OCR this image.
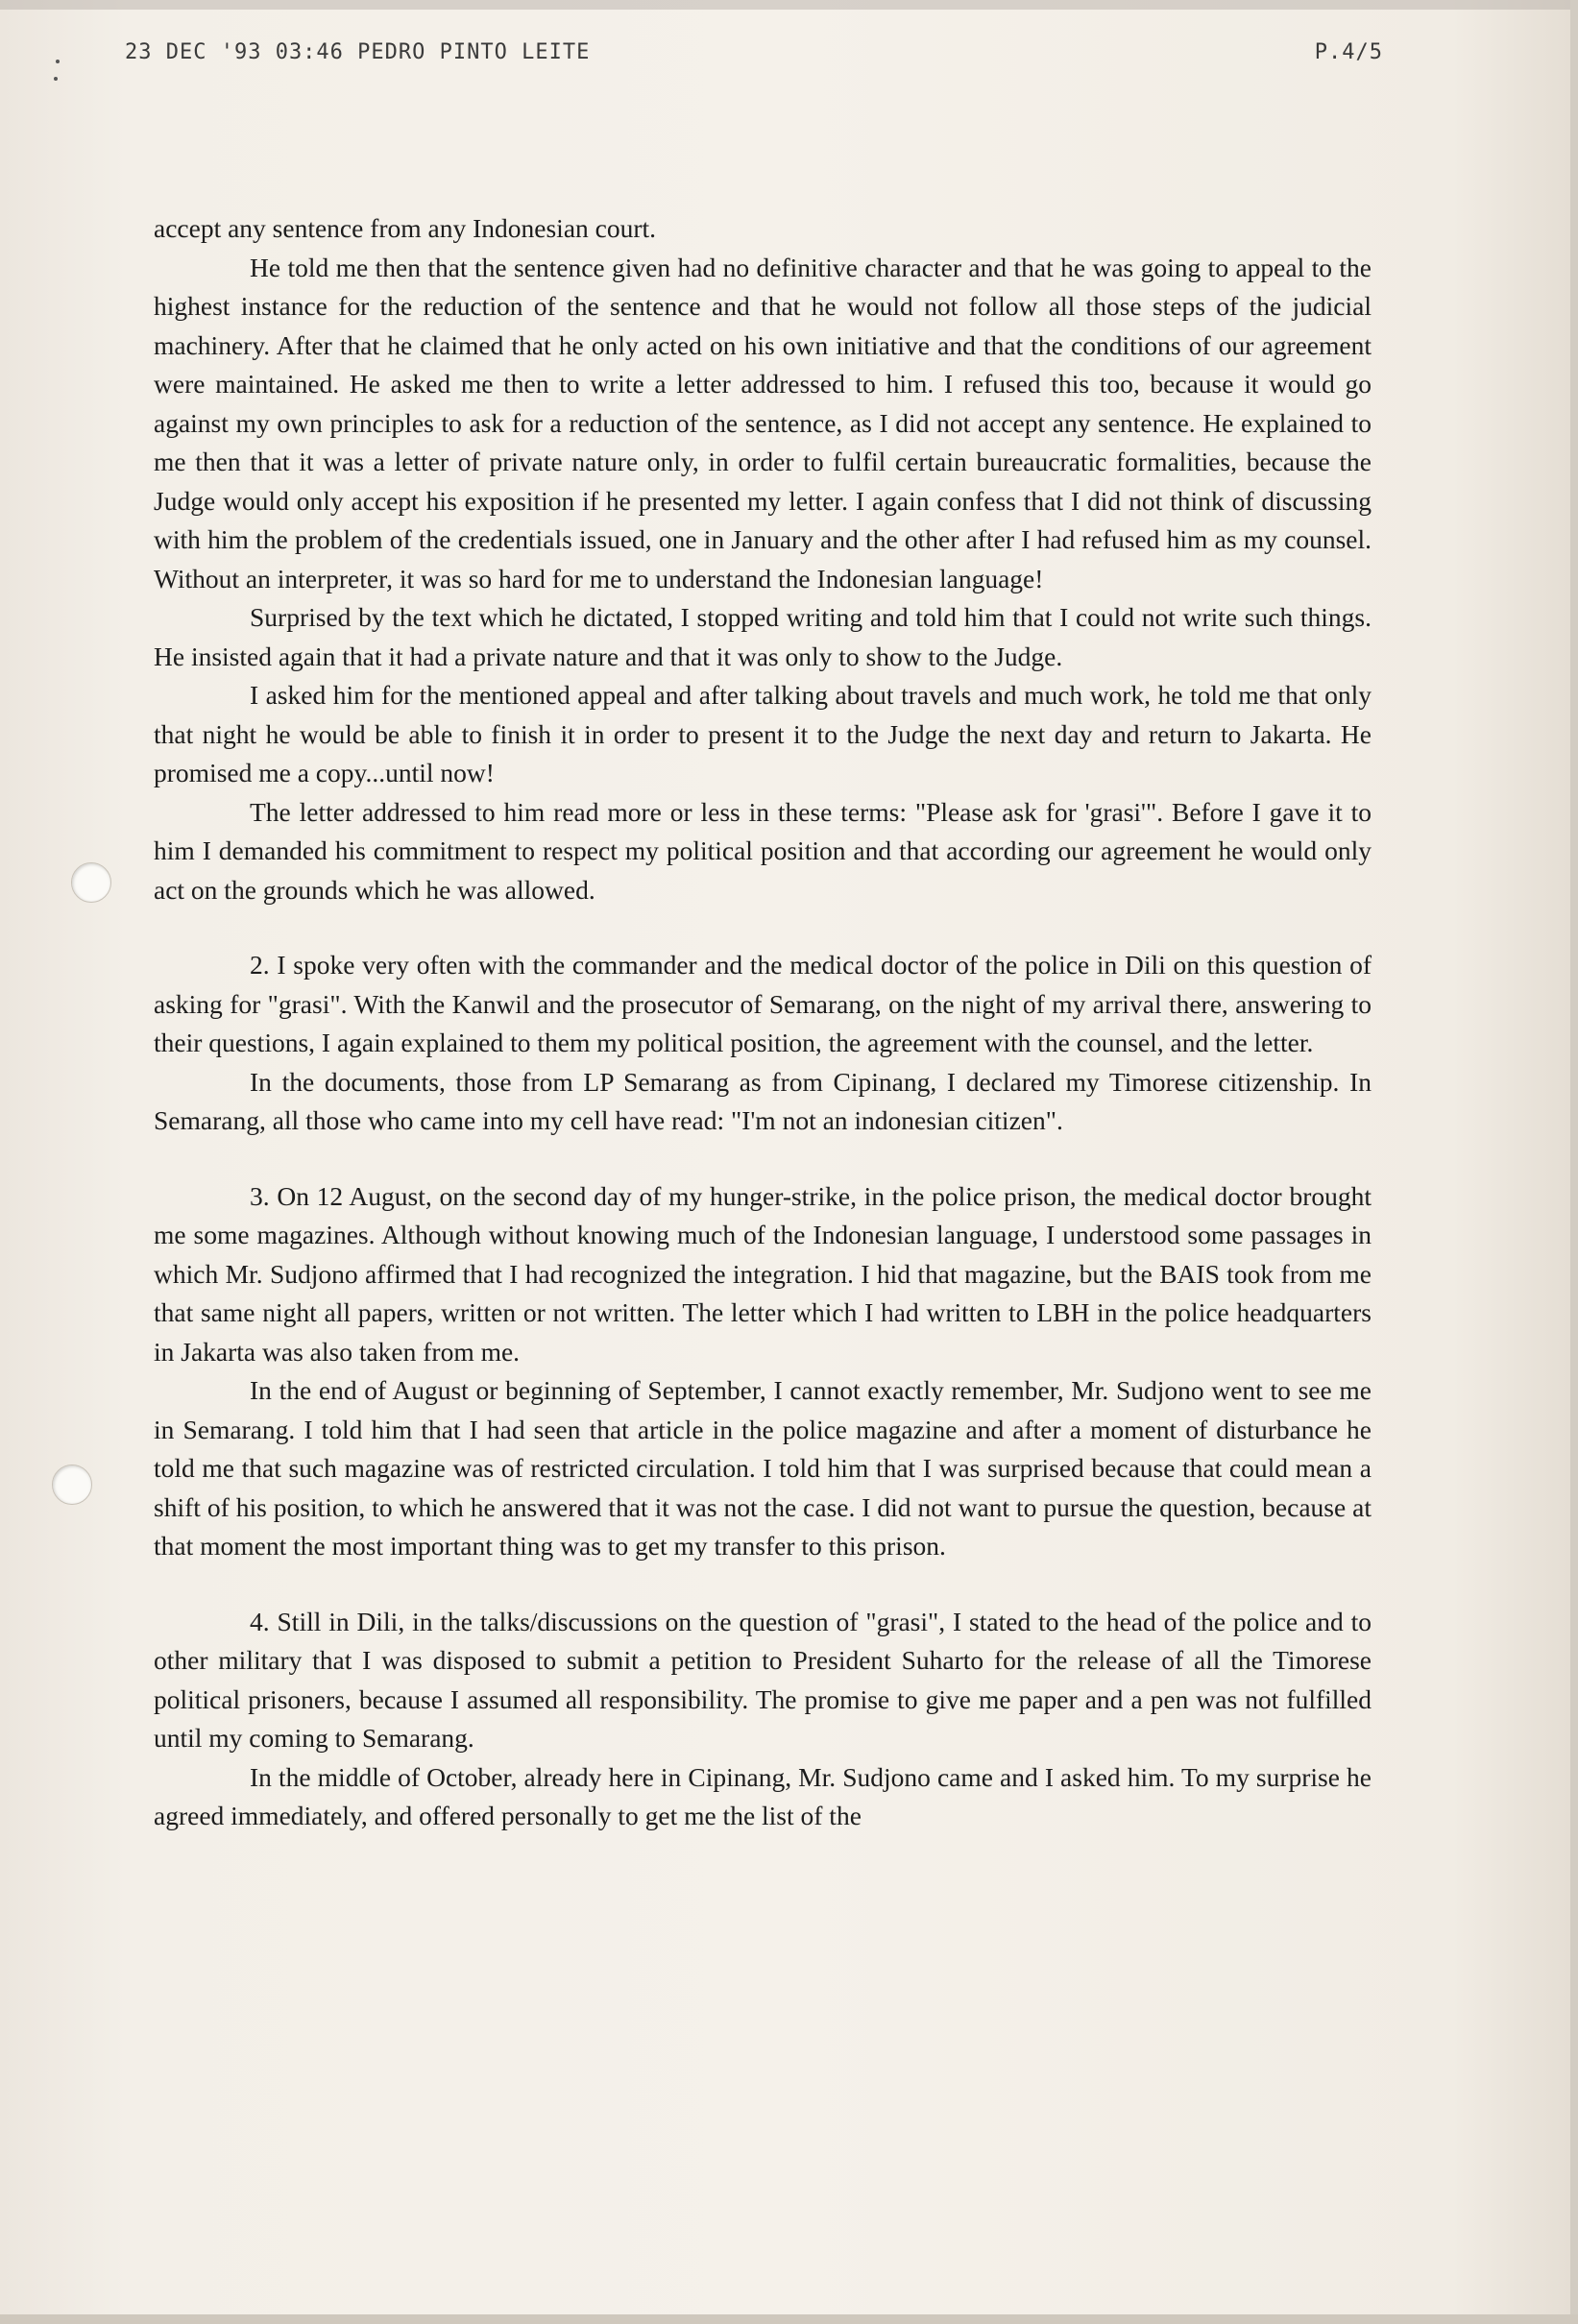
23 DEC '93 03:46 PEDRO PINTO LEITE	P.4/5

accept any sentence from any Indonesian court.

He told me then that the sentence given had no definitive character and that he was going to appeal to the highest instance for the reduction of the sentence and that he would not follow all those steps of the judicial machinery. After that he claimed that he only acted on his own initiative and that the conditions of our agreement were maintained. He asked me then to write a letter addressed to him. I refused this too, because it would go against my own principles to ask for a reduction of the sentence, as I did not accept any sentence. He explained to me then that it was a letter of private nature only, in order to fulfil certain bureaucratic formalities, because the Judge would only accept his exposition if he presented my letter. I again confess that I did not think of discussing with him the problem of the credentials issued, one in January and the other after I had refused him as my counsel. Without an interpreter, it was so hard for me to understand the Indonesian language!

Surprised by the text which he dictated, I stopped writing and told him that I could not write such things. He insisted again that it had a private nature and that it was only to show to the Judge.

I asked him for the mentioned appeal and after talking about travels and much work, he told me that only that night he would be able to finish it in order to present it to the Judge the next day and return to Jakarta. He promised me a copy...until now!

The letter addressed to him read more or less in these terms: "Please ask for 'grasi'". Before I gave it to him I demanded his commitment to respect my political position and that according our agreement he would only act on the grounds which he was allowed.

2. I spoke very often with the commander and the medical doctor of the police in Dili on this question of asking for "grasi". With the Kanwil and the prosecutor of Semarang, on the night of my arrival there, answering to their questions, I again explained to them my political position, the agreement with the counsel, and the letter.

In the documents, those from LP Semarang as from Cipinang, I declared my Timorese citizenship. In Semarang, all those who came into my cell have read: "I'm not an indonesian citizen".

3. On 12 August, on the second day of my hunger-strike, in the police prison, the medical doctor brought me some magazines. Although without knowing much of the Indonesian language, I understood some passages in which Mr. Sudjono affirmed that I had recognized the integration. I hid that magazine, but the BAIS took from me that same night all papers, written or not written. The letter which I had written to LBH in the police headquarters in Jakarta was also taken from me.

In the end of August or beginning of September, I cannot exactly remember, Mr. Sudjono went to see me in Semarang. I told him that I had seen that article in the police magazine and after a moment of disturbance he told me that such magazine was of restricted circulation. I told him that I was surprised because that could mean a shift of his position, to which he answered that it was not the case. I did not want to pursue the question, because at that moment the most important thing was to get my transfer to this prison.

4. Still in Dili, in the talks/discussions on the question of "grasi", I stated to the head of the police and to other military that I was disposed to submit a petition to President Suharto for the release of all the Timorese political prisoners, because I assumed all responsibility. The promise to give me paper and a pen was not fulfilled until my coming to Semarang.

In the middle of October, already here in Cipinang, Mr. Sudjono came and I asked him. To my surprise he agreed immediately, and offered personally to get me the list of the
